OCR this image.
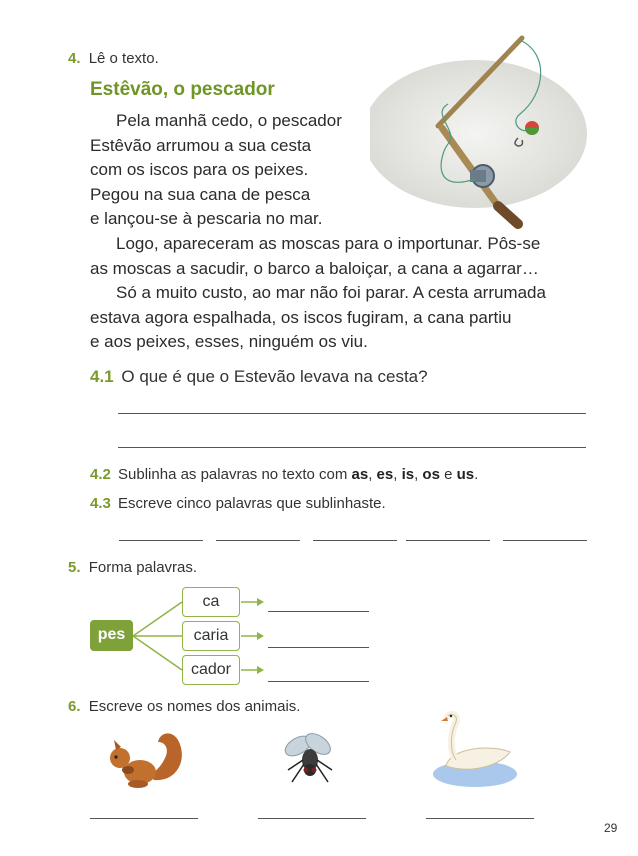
4. Lê o texto.
Estêvão, o pescador

Pela manhã cedo, o pescador

Estêvão arrumou a sua cesta

com os iscos para os peixes.

Pegou na sua cana de pesca

e lançou-se à pescaria no mar.

Logo, apareceram as moscas para o importunar. Pôs-se

as moscas a sacudir, o barco a baloiçar, a cana a agarrar…

Só a muito custo, ao mar não foi parar. A cesta arrumada

estava agora espalhada, os iscos fugiram, a cana partiu

e aos peixes, esses, ninguém os viu.

4.1 O que é que o Estevão levava na cesta?
4.2 Sublinha as palavras no texto com as, es, is, os e us.
4.3 Escreve cinco palavras que sublinhaste.
5. Forma palavras.
pes
ca
caria
cador
6. Escreve os nomes dos animais.
29
